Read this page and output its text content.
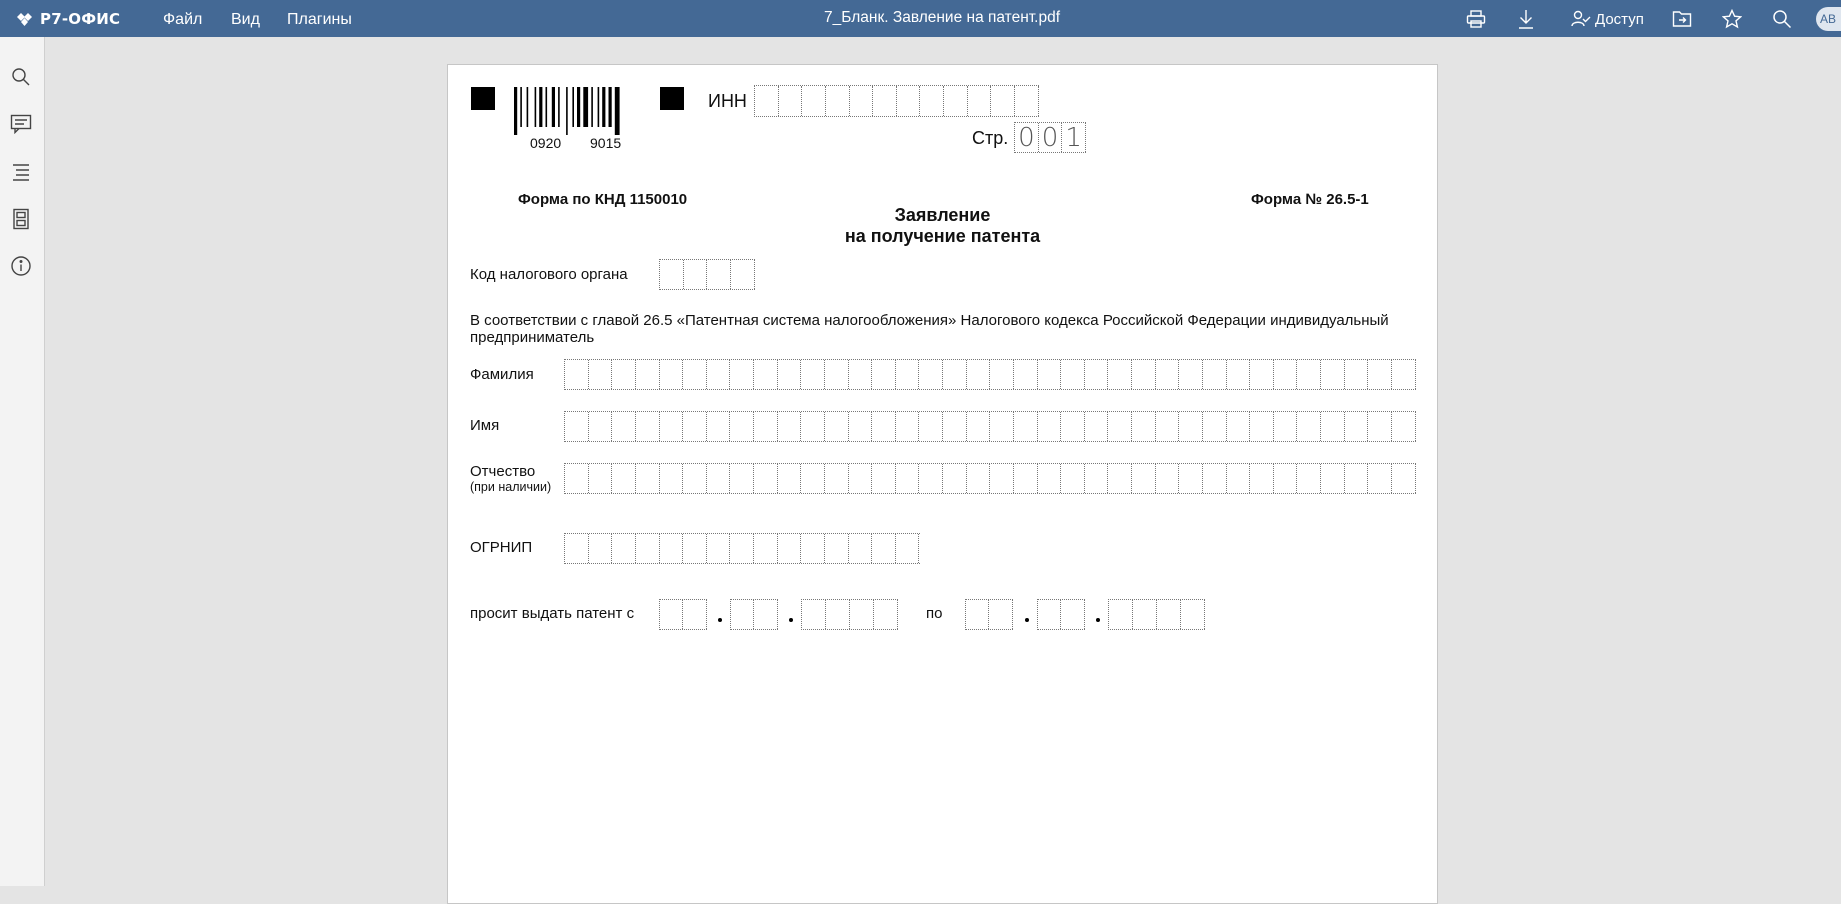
Р7-ОФИС	Файл Вид Плагины	7_Бланк. Завление на патент.pdf	Доступ	АВ
0920 9015
ИНН
Стр. 0 0 1
Форма по КНД 1150010	Форма № 26.5-1
Заявление
на получение патента
Код налогового органа
В соответствии с главой 26.5 «Патентная система налогообложения» Налогового кодекса Российской Федерации индивидуальный
предприниматель
Фамилия
Имя
Отчество
(при наличии)
ОГРНИП
просит выдать патент с	по
